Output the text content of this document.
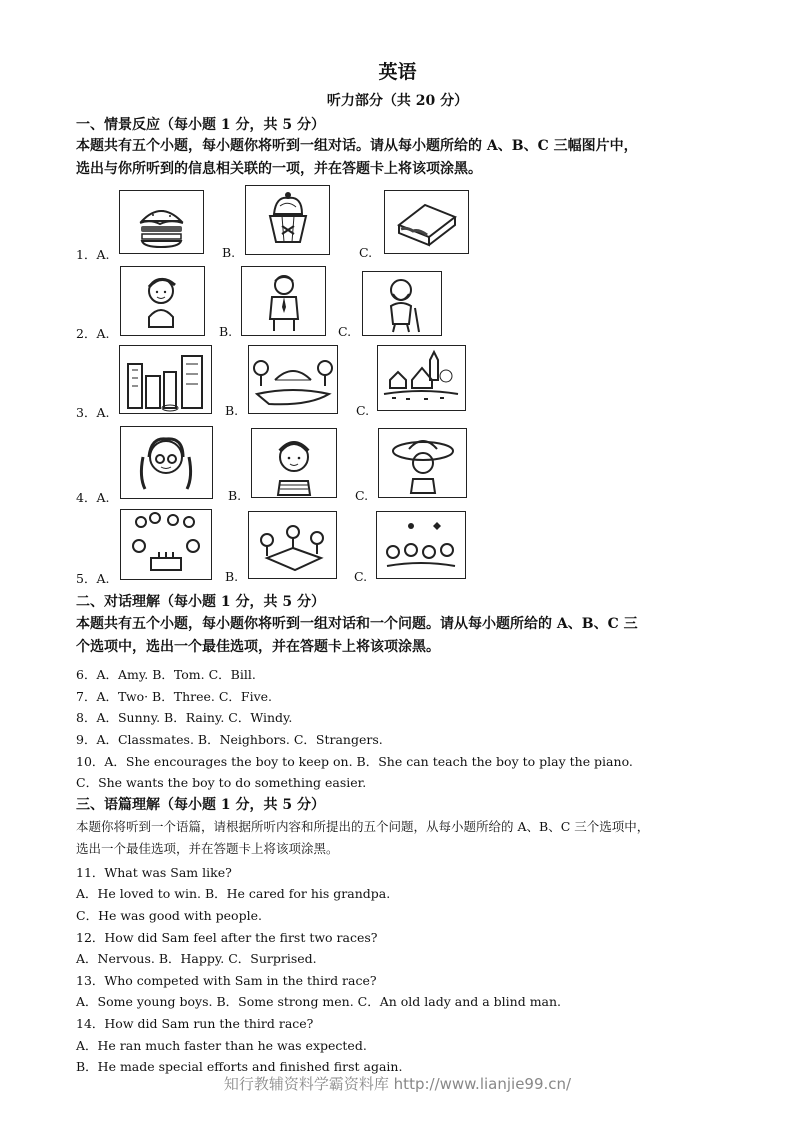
英语
听力部分（共 20 分）
一、情景反应（每小题 1 分，共 5 分）
本题共有五个小题，每小题你将听到一组对话。请从每小题所给的 A、B、C 三幅图片中，
选出与你所听到的信息相关联的一项，并在答题卡上将该项涂黑。
1．A.	B.	C.
2．A.	B.	C.
3．A.	B.	C.
4．A.	B.	C.
5．A.	B.	C.
二、对话理解（每小题 1 分，共 5 分）
本题共有五个小题，每小题你将听到一组对话和一个问题。请从每小题所给的 A、B、C 三
个选项中，选出一个最佳选项，并在答题卡上将该项涂黑。
6．A．Amy. B．Tom. C．Bill.
7．A．Two· B．Three. C．Five.
8．A．Sunny. B．Rainy. C．Windy.
9．A．Classmates. B．Neighbors. C．Strangers.
10．A．She encourages the boy to keep on. B．She can teach the boy to play the piano.
C．She wants the boy to do something easier.
三、语篇理解（每小题 1 分，共 5 分）
本题你将听到一个语篇，请根据所听内容和所提出的五个问题，从每小题所给的 A、B、C 三个选项中，
选出一个最佳选项，并在答题卡上将该项涂黑。
11．What was Sam like?
A．He loved to win. B．He cared for his grandpa.
C．He was good with people.
12．How did Sam feel after the first two races?
A．Nervous. B．Happy. C．Surprised.
13．Who competed with Sam in the third race?
A．Some young boys. B．Some strong men. C．An old lady and a blind man.
14．How did Sam run the third race?
A．He ran much faster than he was expected.
B．He made special efforts and finished first again.
知行教辅资料学霸资料库 http://www.lianjie99.cn/
